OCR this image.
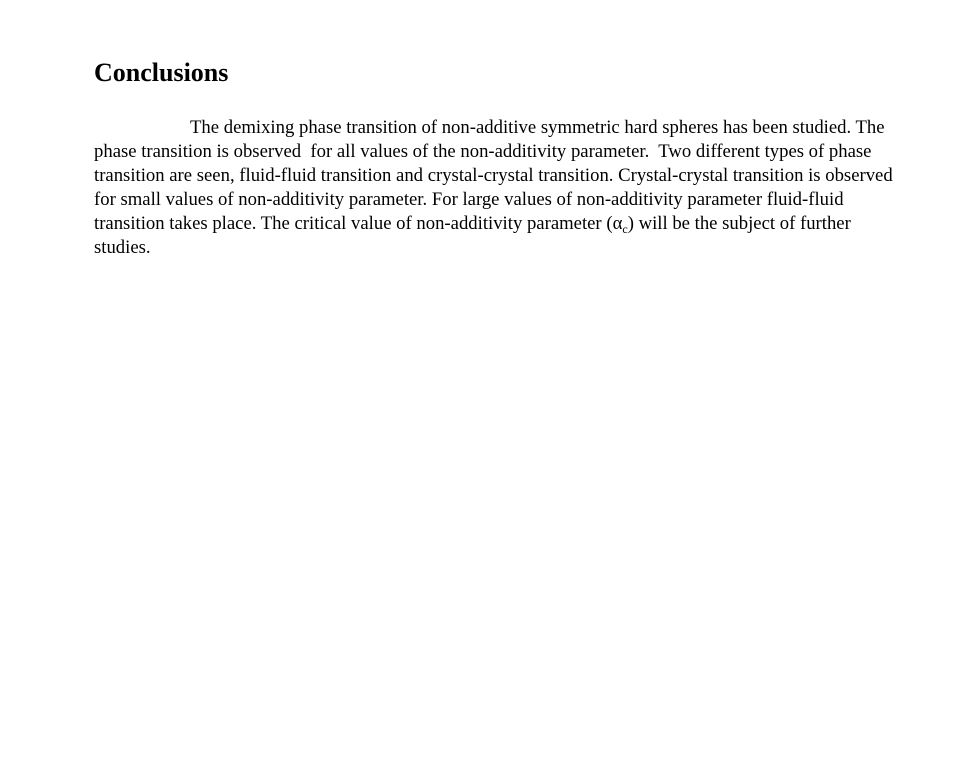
Conclusions
The demixing phase transition of non-additive symmetric hard spheres has been studied. The
phase transition is observed  for all values of the non-additivity parameter.  Two different types of phase
transition are seen, fluid-fluid transition and crystal-crystal transition. Crystal-crystal transition is observed
for small values of non-additivity parameter. For large values of non-additivity parameter fluid-fluid
transition takes place. The critical value of non-additivity parameter $(\alpha_c)$ will be the subject of further
studies.
